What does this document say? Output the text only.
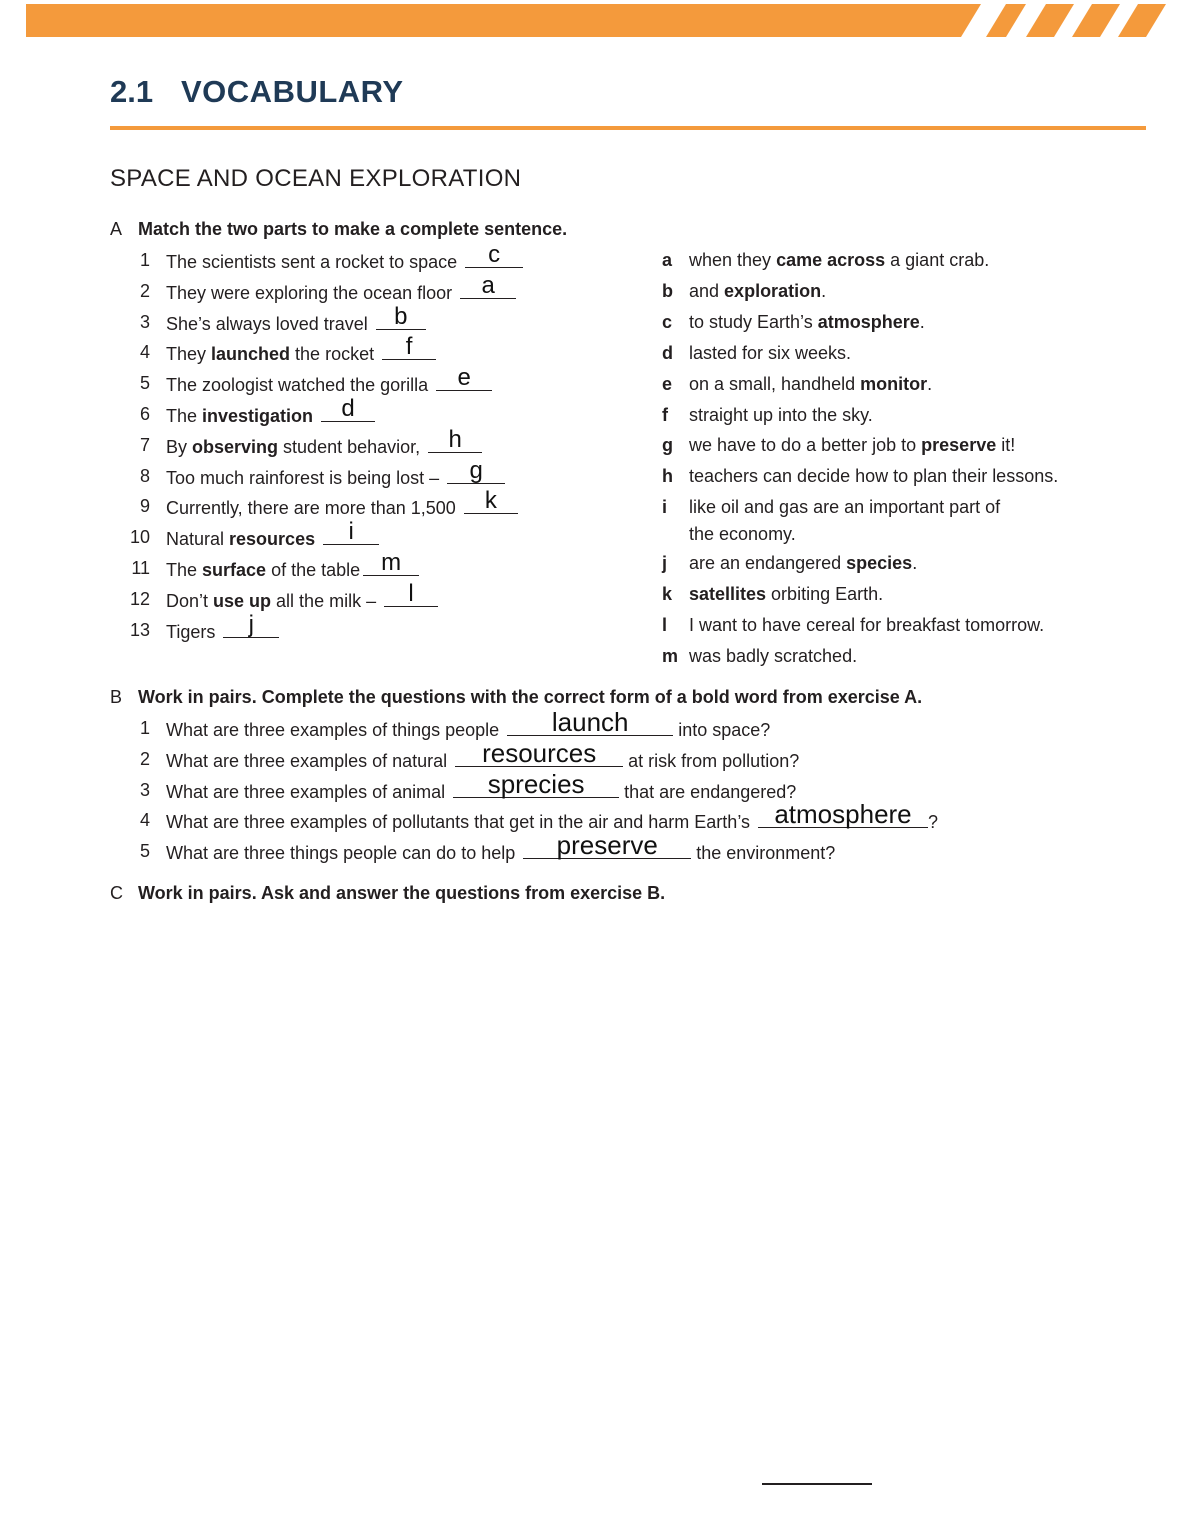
2.1 VOCABULARY
SPACE AND OCEAN EXPLORATION
A Match the two parts to make a complete sentence.
1 The scientists sent a rocket to space	c
2 They were exploring the ocean floor	a
3 She’s always loved travel b
4 They launched the rocket	f
5 The zoologist watched the gorilla	e
6 The investigation	d
7 By observing student behavior, h
8 Too much rainforest is being lost –	g
9 Currently, there are more than 1,500	k
10 Natural resources	i
11 The surface of the table m
12 Don’t use up all the milk –	l
13 Tigers	j
a when they came across a giant crab.
b and exploration.
c to study Earth’s atmosphere.
d lasted for six weeks.
e on a small, handheld monitor.
f straight up into the sky.
g we have to do a better job to preserve it!
h teachers can decide how to plan their lessons.
i like oil and gas are an important part of
the economy.
j are an endangered species.
k satellites orbiting Earth.
l I want to have cereal for breakfast tomorrow.
m was badly scratched.
B Work in pairs. Complete the questions with the correct form of a bold word from exercise A.
1 What are three examples of things people	launch	into space?
2 What are three examples of natural	resources	at risk from pollution?
3 What are three examples of animal	sprecies	that are endangered?
4 What are three examples of pollutants that get in the air and harm Earth’s atmosphere ?
5 What are three things people can do to help	preserve	the environment?
C Work in pairs. Ask and answer the questions from exercise B.
